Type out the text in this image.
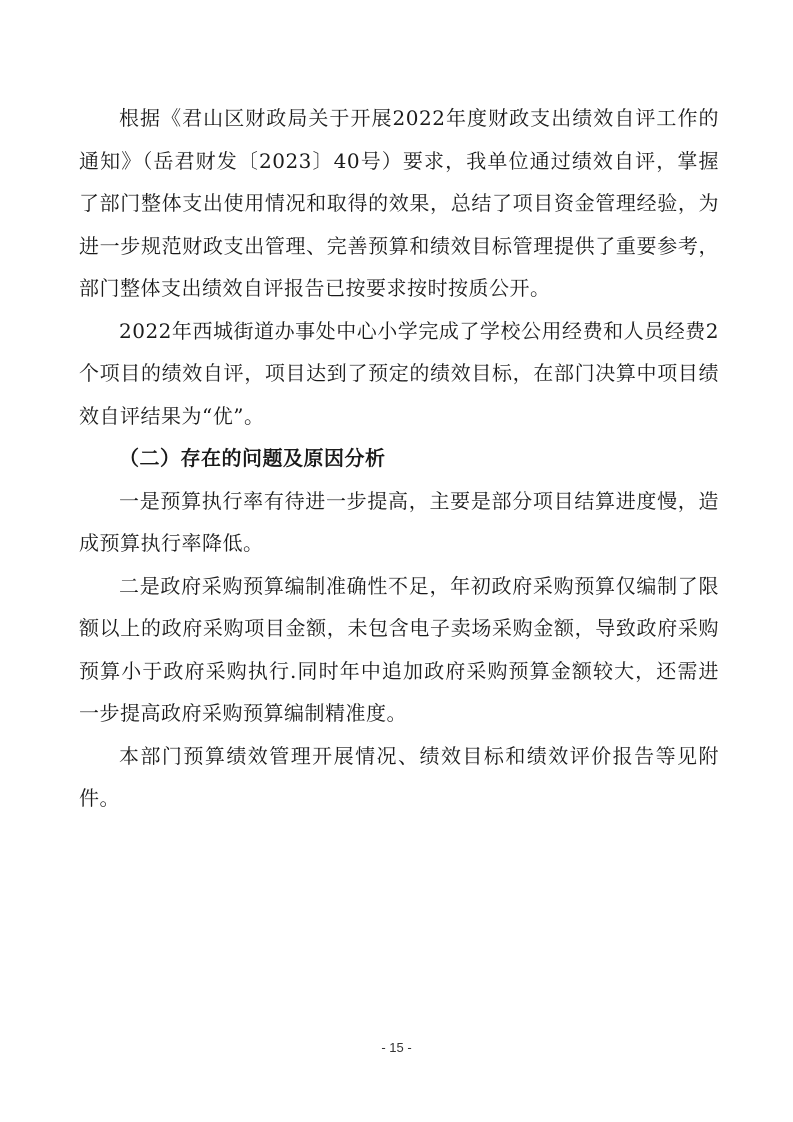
根据《君山区财政局关于开展2022年度财政支出绩效自评工作的通知》（岳君财发〔2023〕40号）要求，我单位通过绩效自评，掌握了部门整体支出使用情况和取得的效果，总结了项目资金管理经验，为进一步规范财政支出管理、完善预算和绩效目标管理提供了重要参考，部门整体支出绩效自评报告已按要求按时按质公开。

2022年西城街道办事处中心小学完成了学校公用经费和人员经费2个项目的绩效自评，项目达到了预定的绩效目标，在部门决算中项目绩效自评结果为“优”。

（二）存在的问题及原因分析

一是预算执行率有待进一步提高，主要是部分项目结算进度慢，造成预算执行率降低。

二是政府采购预算编制准确性不足，年初政府采购预算仅编制了限额以上的政府采购项目金额，未包含电子卖场采购金额，导致政府采购预算小于政府采购执行.同时年中追加政府采购预算金额较大，还需进一步提高政府采购预算编制精准度。

本部门预算绩效管理开展情况、绩效目标和绩效评价报告等见附件。

- 15 -
